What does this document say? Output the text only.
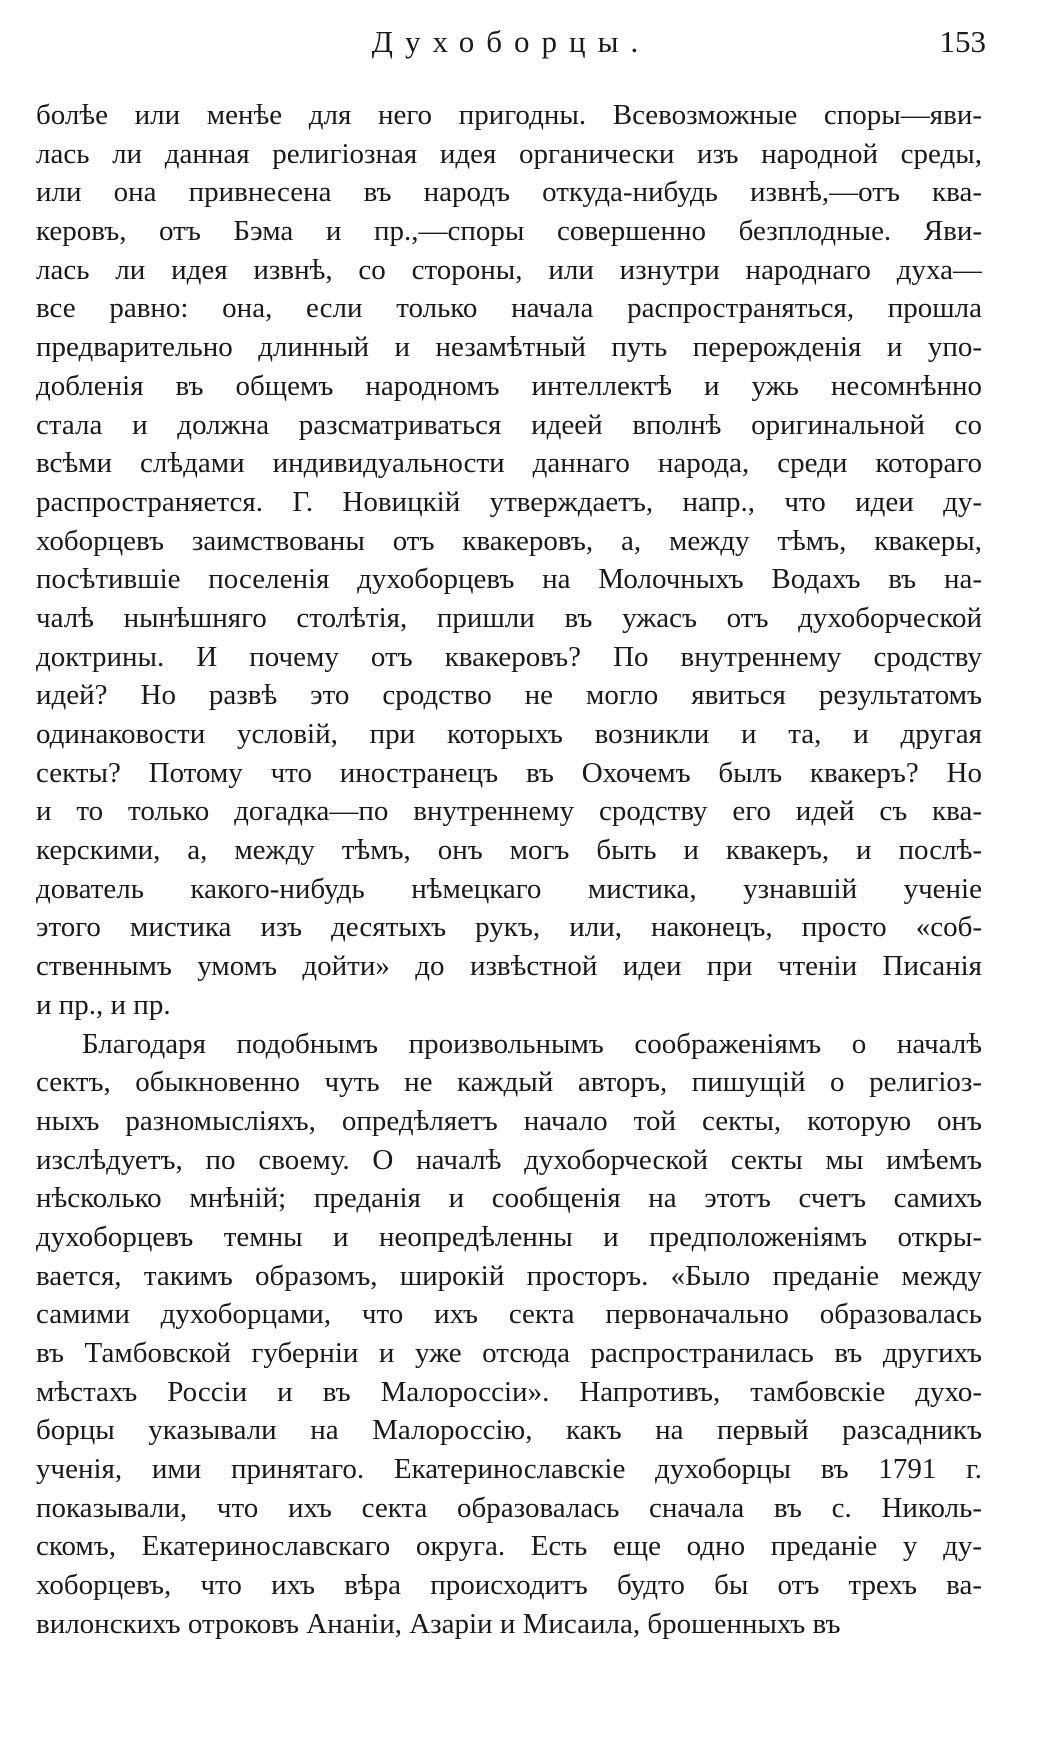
Духоборцы.	153
болѣе или менѣе для него пригодны. Всевозможные споры—яви-
лась ли данная религіозная идея органически изъ народной среды,
или она привнесена въ народъ откуда-нибудь извнѣ,—отъ ква-
керовъ, отъ Бэма и пр.,—споры совершенно безплодные. Яви-
лась ли идея извнѣ, со стороны, или изнутри народнаго духа—
все равно: она, если только начала распространяться, прошла
предварительно длинный и незамѣтный путь перерожденія и упо-
добленія въ общемъ народномъ интеллектѣ и ужь несомнѣнно
стала и должна разсматриваться идеей вполнѣ оригинальной со
всѣми слѣдами индивидуальности даннаго народа, среди котораго
распространяется. Г. Новицкій утверждаетъ, напр., что идеи ду-
хоборцевъ заимствованы отъ квакеровъ, а, между тѣмъ, квакеры,
посѣтившіе поселенія духоборцевъ на Молочныхъ Водахъ въ на-
чалѣ нынѣшняго столѣтія, пришли въ ужасъ отъ духоборческой
доктрины. И почему отъ квакеровъ? По внутреннему сродству
идей? Но развѣ это сродство не могло явиться результатомъ
одинаковости условій, при которыхъ возникли и та, и другая
секты? Потому что иностранецъ въ Охочемъ былъ квакеръ? Но
и то только догадка—по внутреннему сродству его идей съ ква-
керскими, а, между тѣмъ, онъ могъ быть и квакеръ, и послѣ-
дователь какого-нибудь нѣмецкаго мистика, узнавшій ученіе
этого мистика изъ десятыхъ рукъ, или, наконецъ, просто «соб-
ственнымъ умомъ дойти» до извѣстной идеи при чтеніи Писанія
и пр., и пр.
Благодаря подобнымъ произвольнымъ соображеніямъ о началѣ
сектъ, обыкновенно чуть не каждый авторъ, пишущій о религіоз-
ныхъ разномысліяхъ, опредѣляетъ начало той секты, которую онъ
изслѣдуетъ, по своему. О началѣ духоборческой секты мы имѣемъ
нѣсколько мнѣній; преданія и сообщенія на этотъ счетъ самихъ
духоборцевъ темны и неопредѣленны и предположеніямъ откры-
вается, такимъ образомъ, широкій просторъ. «Было преданіе между
самими духоборцами, что ихъ секта первоначально образовалась
въ Тамбовской губерніи и уже отсюда распространилась въ другихъ
мѣстахъ Россіи и въ Малороссіи». Напротивъ, тамбовскіе духо-
борцы указывали на Малороссію, какъ на первый разсадникъ
ученія, ими принятаго. Екатеринославскіе духоборцы въ 1791 г.
показывали, что ихъ секта образовалась сначала въ с. Николь-
скомъ, Екатеринославскаго округа. Есть еще одно преданіе у ду-
хоборцевъ, что ихъ вѣра происходитъ будто бы отъ трехъ ва-
вилонскихъ отроковъ Ананіи, Азаріи и Мисаила, брошенныхъ въ
